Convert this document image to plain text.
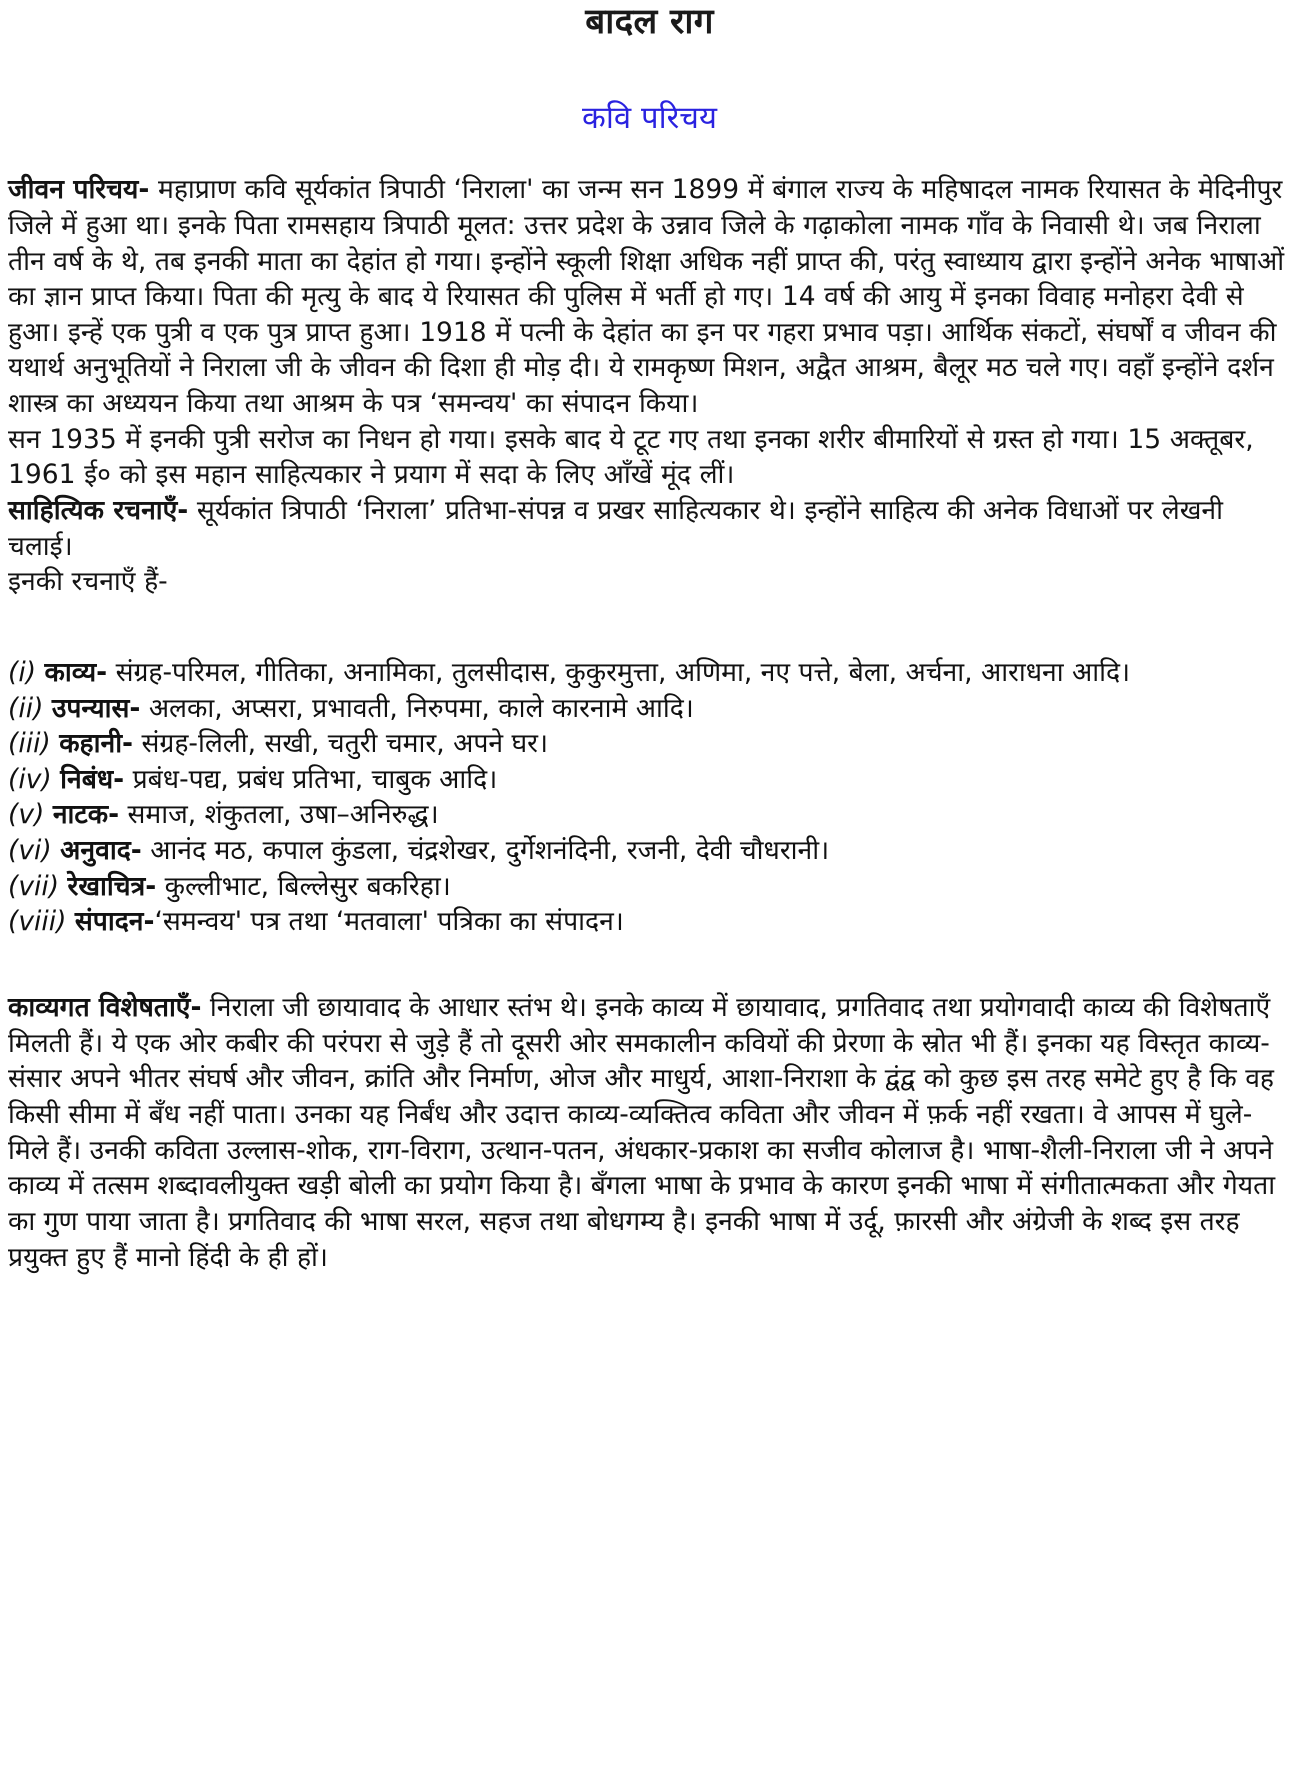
बादल राग
कवि परिचय

जीवन परिचय- महाप्राण कवि सूर्यकांत त्रिपाठी ‘निराला' का जन्म सन 1899 में बंगाल राज्य के महिषादल नामक रियासत के मेदिनीपुर जिले में हुआ था। इनके पिता रामसहाय त्रिपाठी मूलत: उत्तर प्रदेश के उन्नाव जिले के गढ़ाकोला नामक गाँव के निवासी थे। जब निराला तीन वर्ष के थे, तब इनकी माता का देहांत हो गया। इन्होंने स्कूली शिक्षा अधिक नहीं प्राप्त की, परंतु स्वाध्याय द्वारा इन्होंने अनेक भाषाओं का ज्ञान प्राप्त किया। पिता की मृत्यु के बाद ये रियासत की पुलिस में भर्ती हो गए। 14 वर्ष की आयु में इनका विवाह मनोहरा देवी से हुआ। इन्हें एक पुत्री व एक पुत्र प्राप्त हुआ। 1918 में पत्नी के देहांत का इन पर गहरा प्रभाव पड़ा। आर्थिक संकटों, संघर्षों व जीवन की यथार्थ अनुभूतियों ने निराला जी के जीवन की दिशा ही मोड़ दी। ये रामकृष्ण मिशन, अद्वैत आश्रम, बैलूर मठ चले गए। वहाँ इन्होंने दर्शन शास्त्र का अध्ययन किया तथा आश्रम के पत्र ‘समन्वय' का संपादन किया।

सन 1935 में इनकी पुत्री सरोज का निधन हो गया। इसके बाद ये टूट गए तथा इनका शरीर बीमारियों से ग्रस्त हो गया। 15 अक्तूबर, 1961 ई० को इस महान साहित्यकार ने प्रयाग में सदा के लिए आँखें मूंद लीं।

साहित्यिक रचनाएँ- सूर्यकांत त्रिपाठी ‘निराला’ प्रतिभा-संपन्न व प्रखर साहित्यकार थे। इन्होंने साहित्य की अनेक विधाओं पर लेखनी चलाई।

इनकी रचनाएँ हैं-

(i) काव्य- संग्रह-परिमल, गीतिका, अनामिका, तुलसीदास, कुकुरमुत्ता, अणिमा, नए पत्ते, बेला, अर्चना, आराधना आदि।
(ii) उपन्यास- अलका, अप्सरा, प्रभावती, निरुपमा, काले कारनामे आदि।
(iii) कहानी- संग्रह-लिली, सखी, चतुरी चमार, अपने घर।
(iv) निबंध- प्रबंध-पद्य, प्रबंध प्रतिभा, चाबुक आदि।
(v) नाटक- समाज, शंकुतला, उषा–अनिरुद्ध।
(vi) अनुवाद- आनंद मठ, कपाल कुंडला, चंद्रशेखर, दुर्गेशनंदिनी, रजनी, देवी चौधरानी।
(vii) रेखाचित्र- कुल्लीभाट, बिल्लेसुर बकरिहा।
(viii) संपादन-‘समन्वय' पत्र तथा ‘मतवाला' पत्रिका का संपादन।

काव्यगत विशेषताएँ- निराला जी छायावाद के आधार स्तंभ थे। इनके काव्य में छायावाद, प्रगतिवाद तथा प्रयोगवादी काव्य की विशेषताएँ मिलती हैं। ये एक ओर कबीर की परंपरा से जुड़े हैं तो दूसरी ओर समकालीन कवियों की प्रेरणा के स्रोत भी हैं। इनका यह विस्तृत काव्य-संसार अपने भीतर संघर्ष और जीवन, क्रांति और निर्माण, ओज और माधुर्य, आशा-निराशा के द्वंद्व को कुछ इस तरह समेटे हुए है कि वह किसी सीमा में बँध नहीं पाता। उनका यह निर्बंध और उदात्त काव्य-व्यक्तित्व कविता और जीवन में फ़र्क नहीं रखता। वे आपस में घुले-मिले हैं। उनकी कविता उल्लास-शोक, राग-विराग, उत्थान-पतन, अंधकार-प्रकाश का सजीव कोलाज है। भाषा-शैली-निराला जी ने अपने काव्य में तत्सम शब्दावलीयुक्त खड़ी बोली का प्रयोग किया है। बँगला भाषा के प्रभाव के कारण इनकी भाषा में संगीतात्मकता और गेयता का गुण पाया जाता है। प्रगतिवाद की भाषा सरल, सहज तथा बोधगम्य है। इनकी भाषा में उर्दू, फ़ारसी और अंग्रेजी के शब्द इस तरह प्रयुक्त हुए हैं मानो हिंदी के ही हों।
